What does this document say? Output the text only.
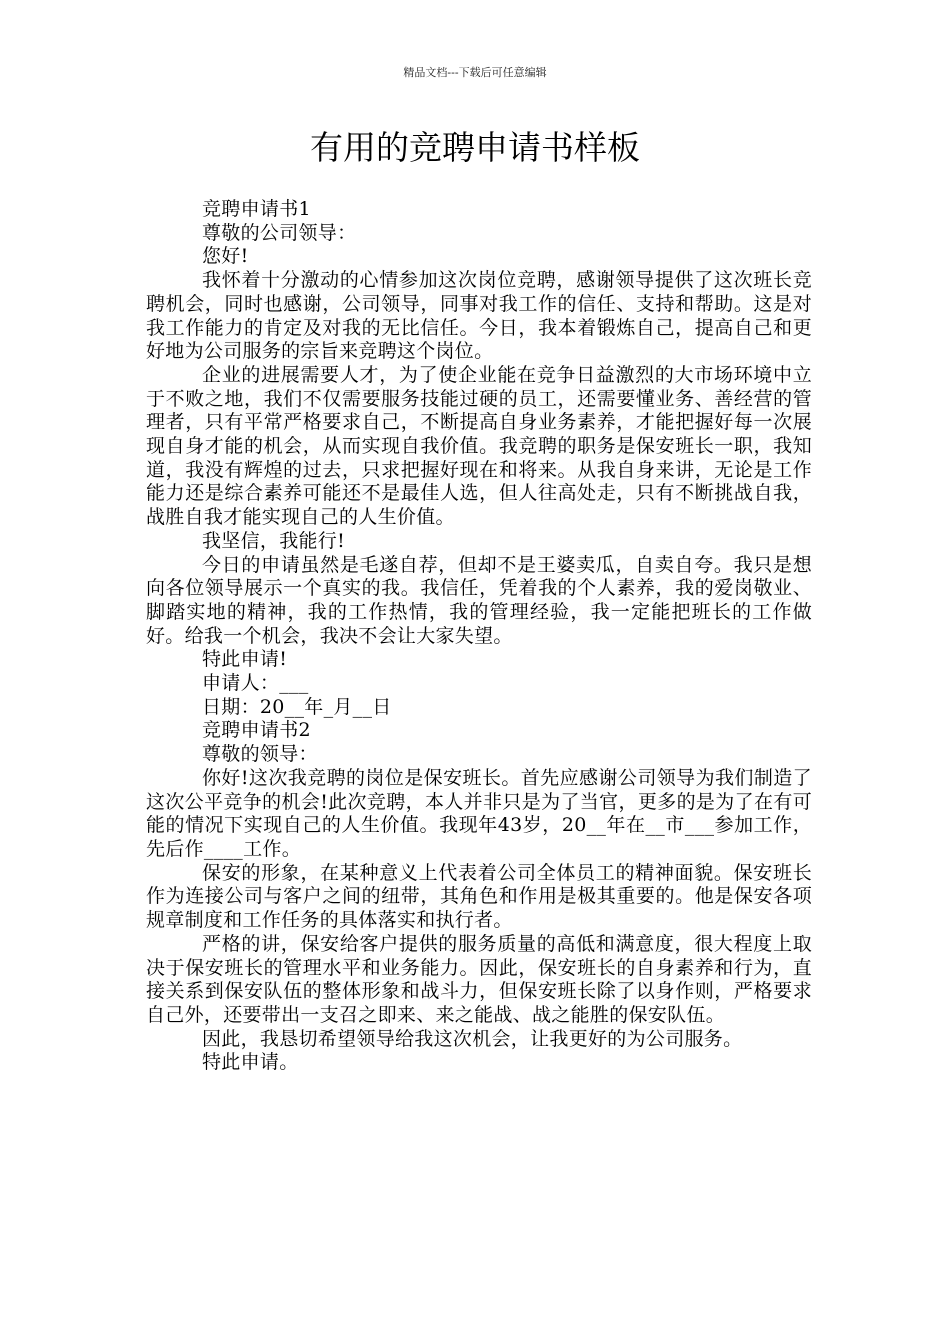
精品文档---下载后可任意编辑
有用的竞聘申请书样板

竞聘申请书1

尊敬的公司领导：

您好!

我怀着十分激动的心情参加这次岗位竞聘，感谢领导提供了这次班长竞聘机会，同时也感谢，公司领导，同事对我工作的信任、支持和帮助。这是对我工作能力的肯定及对我的无比信任。今日，我本着锻炼自己，提高自己和更好地为公司服务的宗旨来竞聘这个岗位。

企业的进展需要人才，为了使企业能在竞争日益激烈的大市场环境中立于不败之地，我们不仅需要服务技能过硬的员工，还需要懂业务、善经营的管理者，只有平常严格要求自己，不断提高自身业务素养，才能把握好每一次展现自身才能的机会，从而实现自我价值。我竞聘的职务是保安班长一职，我知道，我没有辉煌的过去，只求把握好现在和将来。从我自身来讲，无论是工作能力还是综合素养可能还不是最佳人选，但人往高处走，只有不断挑战自我，战胜自我才能实现自己的人生价值。

我坚信，我能行!

今日的申请虽然是毛遂自荐，但却不是王婆卖瓜，自卖自夸。我只是想向各位领导展示一个真实的我。我信任，凭着我的个人素养，我的爱岗敬业、脚踏实地的精神，我的工作热情，我的管理经验，我一定能把班长的工作做好。给我一个机会，我决不会让大家失望。

特此申请!

申请人：___

日期：20__年_月__日

竞聘申请书2

尊敬的领导：

你好!这次我竞聘的岗位是保安班长。首先应感谢公司领导为我们制造了这次公平竞争的机会!此次竞聘，本人并非只是为了当官，更多的是为了在有可能的情况下实现自己的人生价值。我现年43岁，20__年在__市___参加工作，先后作____工作。

保安的形象，在某种意义上代表着公司全体员工的精神面貌。保安班长作为连接公司与客户之间的纽带，其角色和作用是极其重要的。他是保安各项规章制度和工作任务的具体落实和执行者。

严格的讲，保安给客户提供的服务质量的高低和满意度，很大程度上取决于保安班长的管理水平和业务能力。因此，保安班长的自身素养和行为，直接关系到保安队伍的整体形象和战斗力，但保安班长除了以身作则，严格要求自己外，还要带出一支召之即来、来之能战、战之能胜的保安队伍。

因此，我恳切希望领导给我这次机会，让我更好的为公司服务。

特此申请。
